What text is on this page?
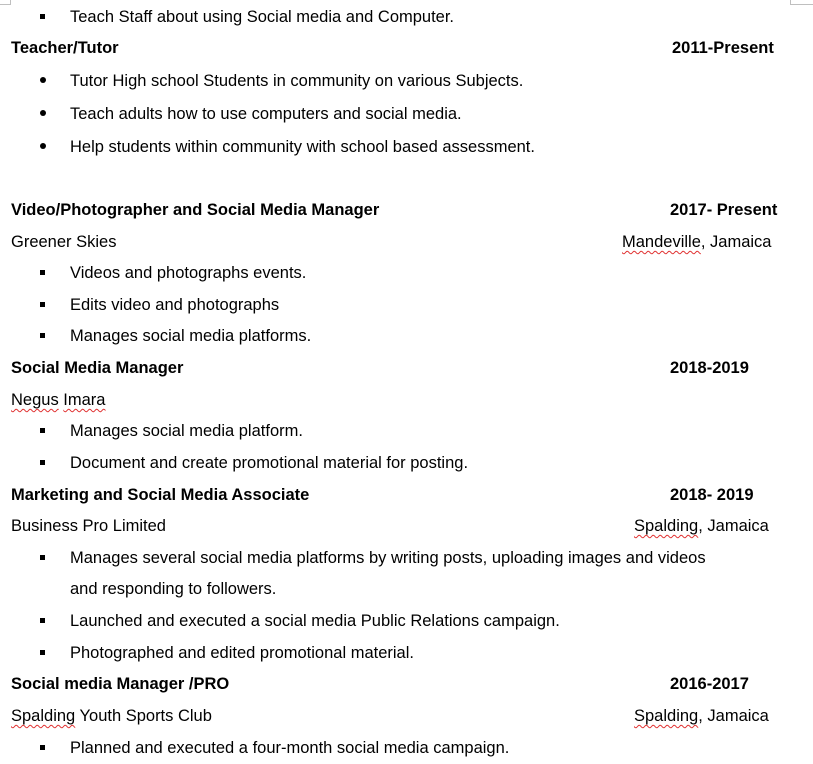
Teach Staff about using Social media and Computer.
Teacher/Tutor	2011-Present
Tutor High school Students in community on various Subjects.
Teach adults how to use computers and social media.
Help students within community with school based assessment.
Video/Photographer and Social Media Manager	2017- Present
Greener Skies	Mandeville, Jamaica
Videos and photographs events.
Edits video and photographs
Manages social media platforms.
Social Media Manager	2018-2019
Negus Imara
Manages social media platform.
Document and create promotional material for posting.
Marketing and Social Media Associate	2018- 2019
Business Pro Limited	Spalding, Jamaica
Manages several social media platforms by writing posts, uploading images and videos
and responding to followers.
Launched and executed a social media Public Relations campaign.
Photographed and edited promotional material.
Social media Manager /PRO	2016-2017
Spalding Youth Sports Club	Spalding, Jamaica
Planned and executed a four-month social media campaign.
